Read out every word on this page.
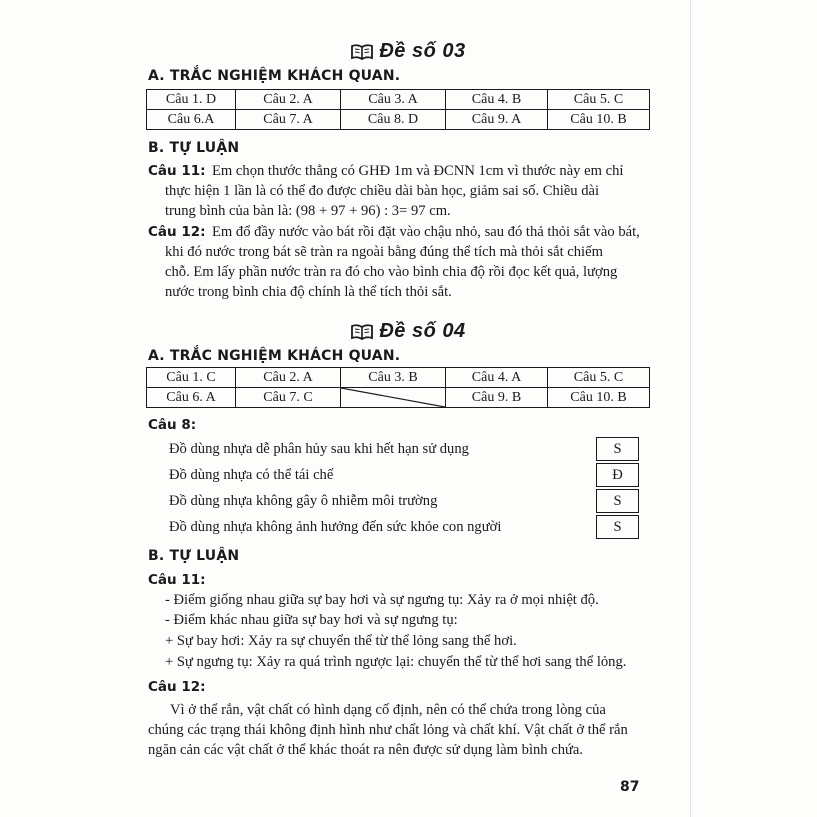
Đề số 03
A. TRẮC NGHIỆM KHÁCH QUAN.
Câu 1. D	Câu 2. A	Câu 3. A	Câu 4. B	Câu 5. C
Câu 6.A	Câu 7. A	Câu 8. D	Câu 9. A	Câu 10. B
B. TỰ LUẬN
Câu 11: Em chọn thước thẳng có GHĐ 1m và ĐCNN 1cm vì thước này em chỉ
thực hiện 1 lần là có thể đo được chiều dài bàn học, giảm sai số. Chiều dài
trung bình của bàn là: (98 + 97 + 96) : 3= 97 cm.
Câu 12: Em đổ đầy nước vào bát rồi đặt vào chậu nhỏ, sau đó thả thỏi sắt vào bát,
khi đó nước trong bát sẽ tràn ra ngoài bằng đúng thể tích mà thỏi sắt chiếm
chỗ. Em lấy phần nước tràn ra đó cho vào bình chia độ rồi đọc kết quả, lượng
nước trong bình chia độ chính là thể tích thỏi sắt.
Đề số 04
A. TRẮC NGHIỆM KHÁCH QUAN.
Câu 1. C	Câu 2. A	Câu 3. B	Câu 4. A	Câu 5. C
Câu 6. A	Câu 7. C		Câu 9. B	Câu 10. B
Câu 8:
Đồ dùng nhựa dễ phân hủy sau khi hết hạn sử dụng	S
Đồ dùng nhựa có thể tái chế	Đ
Đồ dùng nhựa không gây ô nhiễm môi trường	S
Đồ dùng nhựa không ảnh hưởng đến sức khỏe con người	S
B. TỰ LUẬN
Câu 11:
- Điểm giống nhau giữa sự bay hơi và sự ngưng tụ: Xảy ra ở mọi nhiệt độ.
- Điểm khác nhau giữa sự bay hơi và sự ngưng tụ:
+ Sự bay hơi: Xảy ra sự chuyển thể từ thể lỏng sang thể hơi.
+ Sự ngưng tụ: Xảy ra quá trình ngược lại: chuyển thể từ thể hơi sang thể lỏng.
Câu 12:
Vì ở thể rắn, vật chất có hình dạng cố định, nên có thể chứa trong lòng của
chúng các trạng thái không định hình như chất lỏng và chất khí. Vật chất ở thể rắn
ngăn cản các vật chất ở thể khác thoát ra nên được sử dụng làm bình chứa.
87
